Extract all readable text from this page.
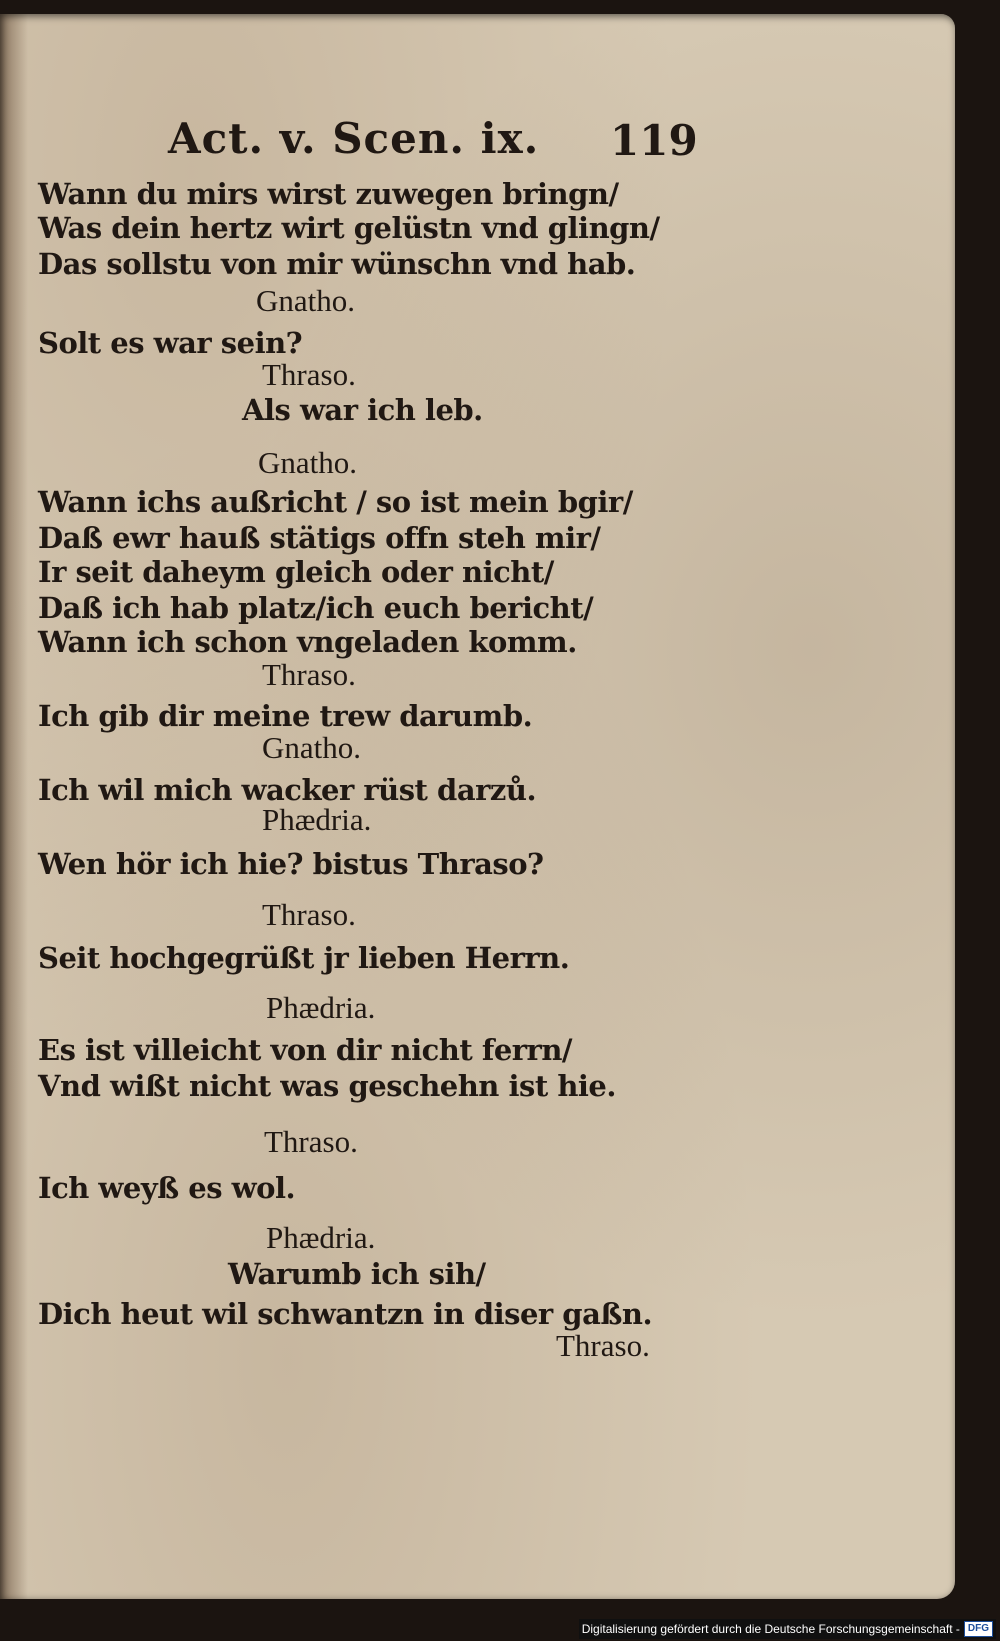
Act. v. Scen. ix. 119
Wann du mirs wirst zuwegen bringn/
Was dein hertz wirt gelüstn vnd glingn/
Das sollstu von mir wünschn vnd hab.
Gnatho.
Solt es war sein?
Thraso.
Als war ich leb.
Gnatho.
Wann ichs außricht / so ist mein bgir/
Daß ewr hauß stätigs offn steh mir/
Ir seit daheym gleich oder nicht/
Daß ich hab platz/ich euch bericht/
Wann ich schon vngeladen komm.
Thraso.
Ich gib dir meine trew darumb.
Gnatho.
Ich wil mich wacker rüst darzů.
Phædria.
Wen hör ich hie? bistus Thraso?
Thraso.
Seit hochgegrüßt jr lieben Herrn.
Phædria.
Es ist villeicht von dir nicht ferrn/
Vnd wißt nicht was geschehn ist hie.
Thraso.
Ich weyß es wol.
Phædria.
Warumb ich sih/
Dich heut wil schwantzn in diser gaßn.
Thraso.
Digitalisierung gefördert durch die Deutsche Forschungsgemeinschaft - DFG
